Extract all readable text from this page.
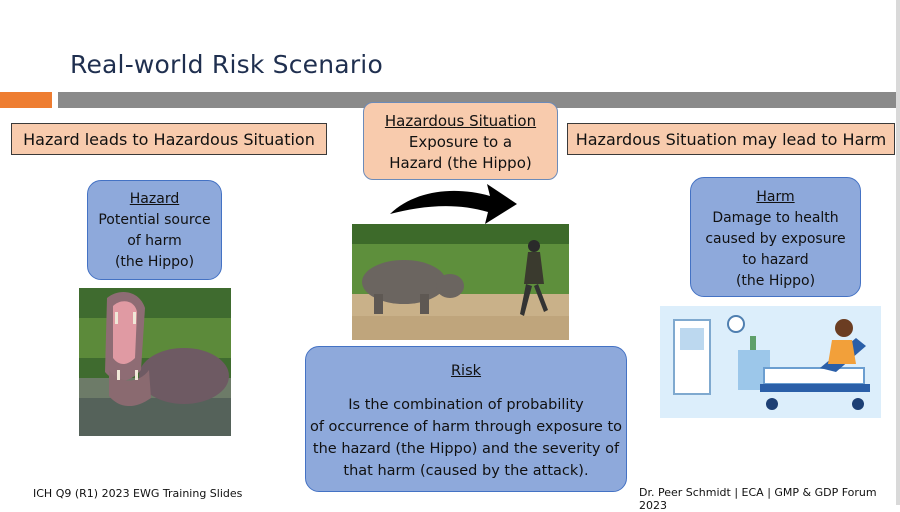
Real-world Risk Scenario
Hazard leads to Hazardous Situation	Hazardous Situation may lead to Harm
Hazardous Situation
Exposure to a
Hazard (the Hippo)
Hazard
Potential source
of harm
(the Hippo)
Harm
Damage to health
caused by exposure
to hazard
(the Hippo)
Risk
Is the combination of probability
of occurrence of harm through exposure to
the hazard (the Hippo) and the severity of
that harm (caused by the attack).
ICH Q9 (R1) 2023 EWG Training Slides	Dr. Peer Schmidt | ECA | GMP & GDP Forum 2023
